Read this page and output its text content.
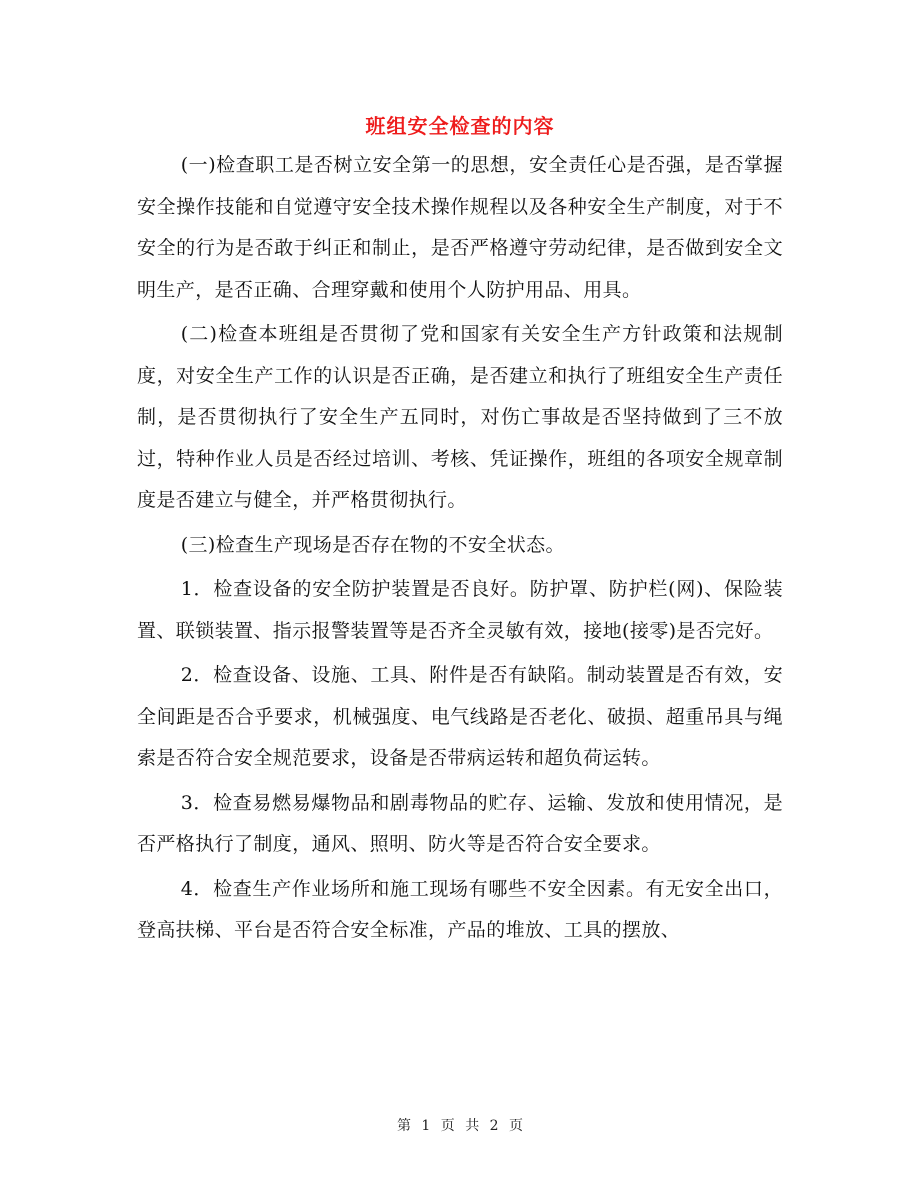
班组安全检查的内容

(一)检查职工是否树立安全第一的思想，安全责任心是否强，是否掌握安全操作技能和自觉遵守安全技术操作规程以及各种安全生产制度，对于不安全的行为是否敢于纠正和制止，是否严格遵守劳动纪律，是否做到安全文明生产，是否正确、合理穿戴和使用个人防护用品、用具。

(二)检查本班组是否贯彻了党和国家有关安全生产方针政策和法规制度，对安全生产工作的认识是否正确，是否建立和执行了班组安全生产责任制，是否贯彻执行了安全生产五同时，对伤亡事故是否坚持做到了三不放过，特种作业人员是否经过培训、考核、凭证操作，班组的各项安全规章制度是否建立与健全，并严格贯彻执行。

(三)检查生产现场是否存在物的不安全状态。

1．检查设备的安全防护装置是否良好。防护罩、防护栏(网)、保险装置、联锁装置、指示报警装置等是否齐全灵敏有效，接地(接零)是否完好。

2．检查设备、设施、工具、附件是否有缺陷。制动装置是否有效，安全间距是否合乎要求，机械强度、电气线路是否老化、破损、超重吊具与绳索是否符合安全规范要求，设备是否带病运转和超负荷运转。

3．检查易燃易爆物品和剧毒物品的贮存、运输、发放和使用情况，是否严格执行了制度，通风、照明、防火等是否符合安全要求。

4．检查生产作业场所和施工现场有哪些不安全因素。有无安全出口，登高扶梯、平台是否符合安全标准，产品的堆放、工具的摆放、

第 1 页 共 2 页
